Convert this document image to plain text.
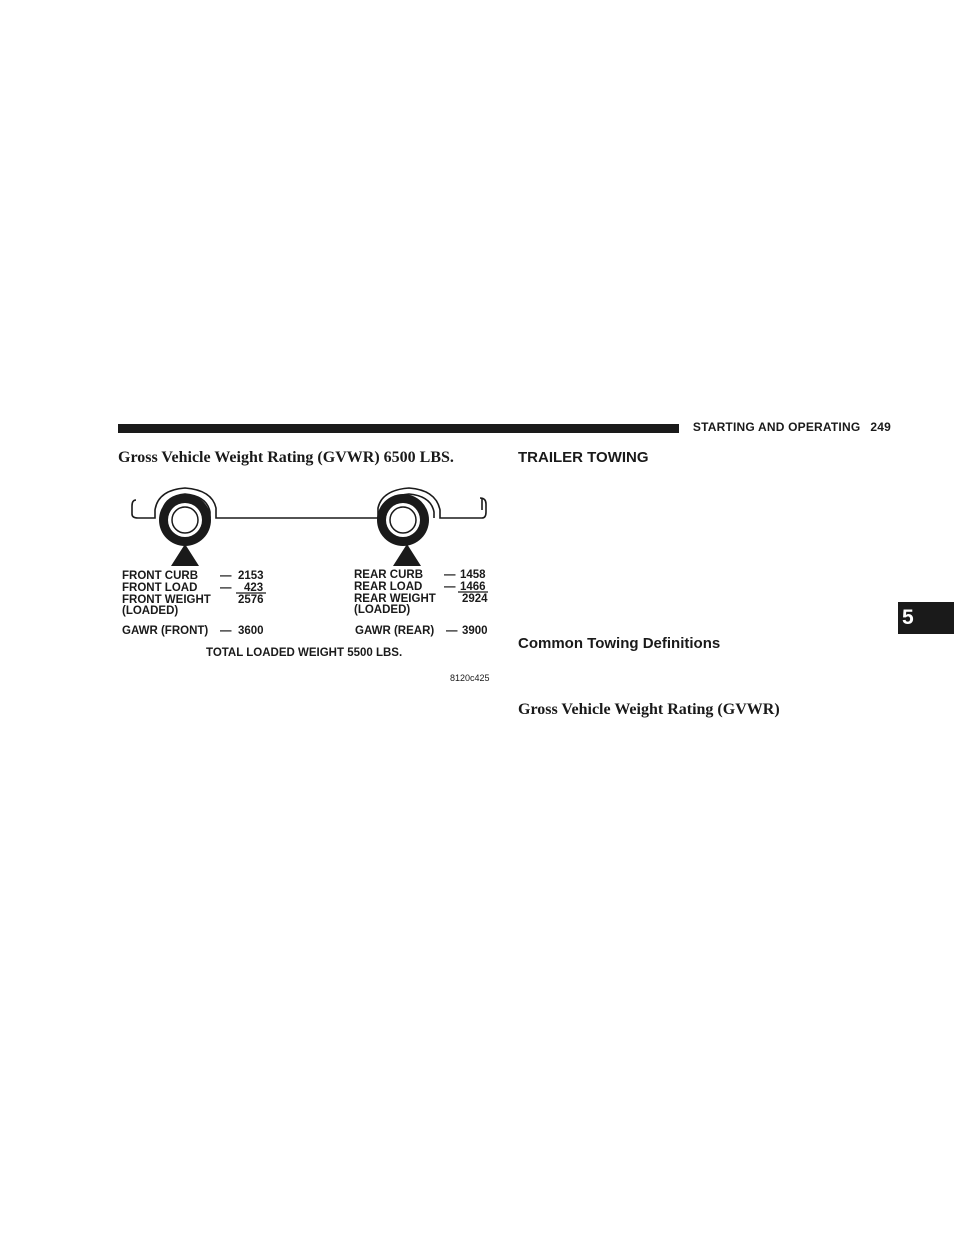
STARTING AND OPERATING 249
Gross Vehicle Weight Rating (GVWR) 6500 LBS.
FRONT CURB — 2153
FRONT LOAD — 423
FRONT WEIGHT 2576
(LOADED)
GAWR (FRONT) — 3600
REAR CURB — 1458
REAR LOAD — 1466
REAR WEIGHT 2924
(LOADED)
GAWR (REAR) — 3900
TOTAL LOADED WEIGHT 5500 LBS.
8120c425
TRAILER TOWING
Common Towing Definitions
Gross Vehicle Weight Rating (GVWR)
5
